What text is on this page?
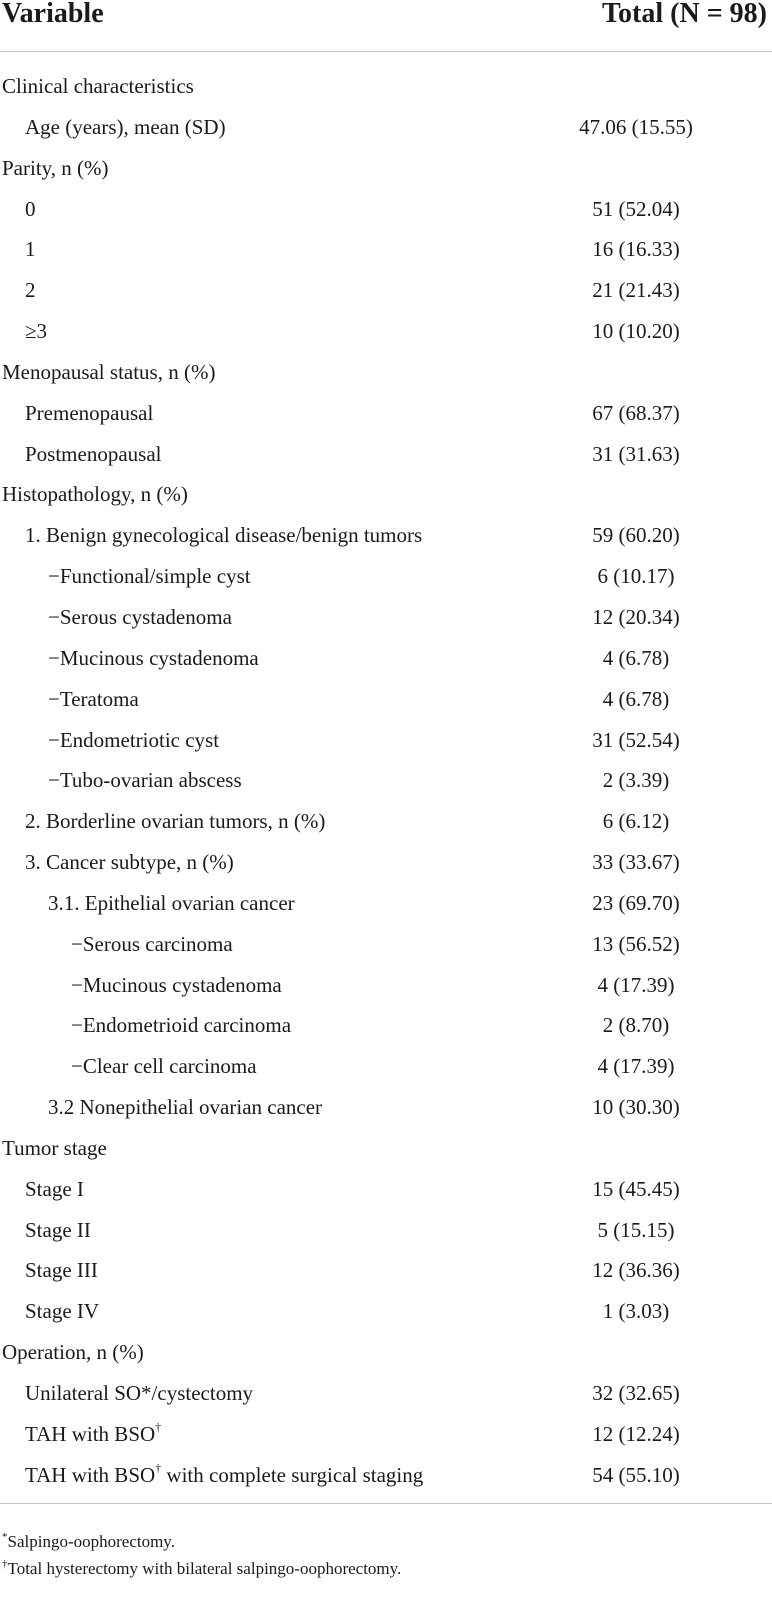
Variable	Total (N = 98)
Clinical characteristics
Age (years), mean (SD)	47.06 (15.55)
Parity, n (%)
0	51 (52.04)
1	16 (16.33)
2	21 (21.43)
≥3	10 (10.20)
Menopausal status, n (%)
Premenopausal	67 (68.37)
Postmenopausal	31 (31.63)
Histopathology, n (%)
1. Benign gynecological disease/benign tumors	59 (60.20)
−Functional/simple cyst	6 (10.17)
−Serous cystadenoma	12 (20.34)
−Mucinous cystadenoma	4 (6.78)
−Teratoma	4 (6.78)
−Endometriotic cyst	31 (52.54)
−Tubo-ovarian abscess	2 (3.39)
2. Borderline ovarian tumors, n (%)	6 (6.12)
3. Cancer subtype, n (%)	33 (33.67)
3.1. Epithelial ovarian cancer	23 (69.70)
−Serous carcinoma	13 (56.52)
−Mucinous cystadenoma	4 (17.39)
−Endometrioid carcinoma	2 (8.70)
−Clear cell carcinoma	4 (17.39)
3.2 Nonepithelial ovarian cancer	10 (30.30)
Tumor stage
Stage I	15 (45.45)
Stage II	5 (15.15)
Stage III	12 (36.36)
Stage IV	1 (3.03)
Operation, n (%)
Unilateral SO*/cystectomy	32 (32.65)
TAH with BSO†	12 (12.24)
TAH with BSO† with complete surgical staging	54 (55.10)
*Salpingo-oophorectomy.
†Total hysterectomy with bilateral salpingo-oophorectomy.
